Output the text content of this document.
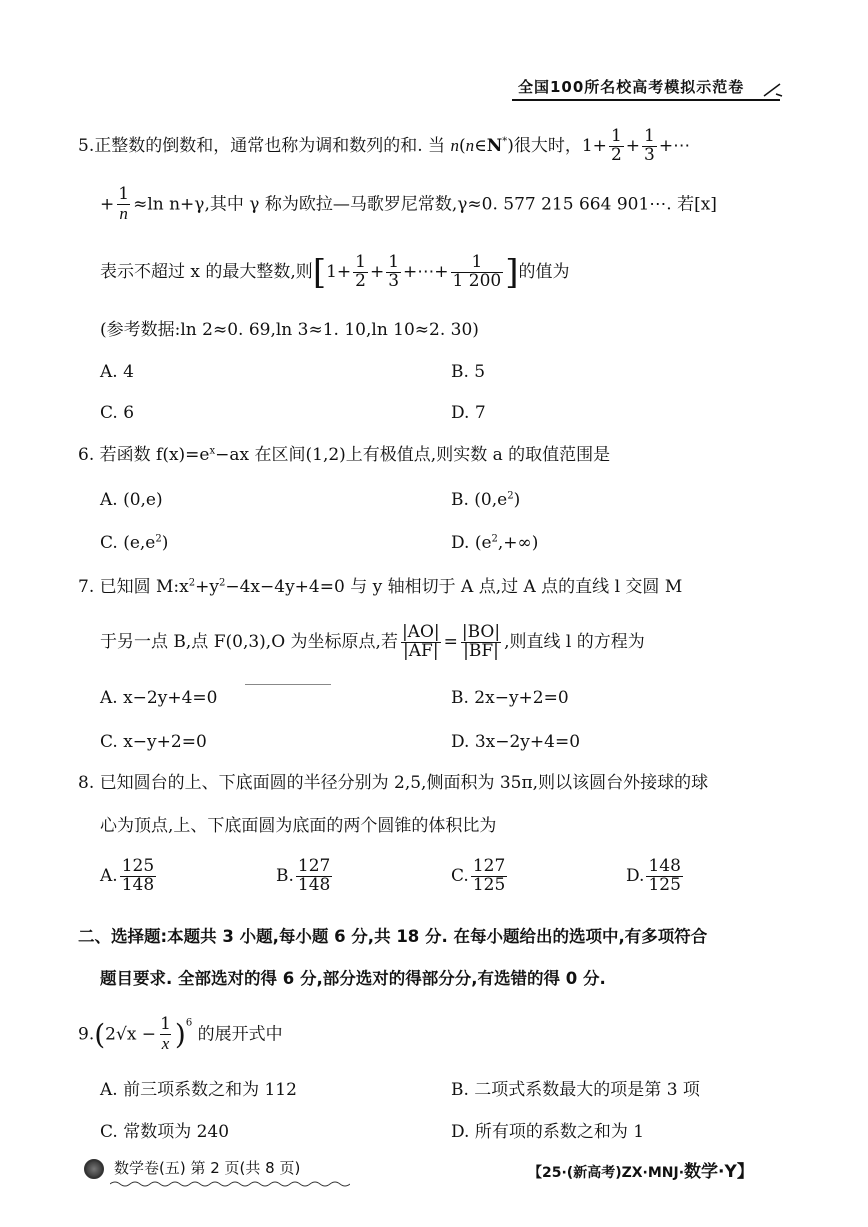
全国100所名校高考模拟示范卷
5.正整数的倒数和，通常也称为调和数列的和. 当 n(n∈N*)很大时，$1+ \frac{1}{2} + \frac{1}{3}$ +⋯
+ $\frac{1}{n} \approx\ln$ n+γ,其中 γ 称为欧拉—马歌罗尼常数,γ≈0. 577 215 664 901⋯. 若[x]
表示不超过 x 的最大整数,则[$1+ \frac{1}{2} + \frac{1}{3}$ +⋯+ $\frac{1}{1 200}$ ]的值为
(参考数据:ln 2≈0. 69,ln 3≈1. 10,ln 10≈2. 30)
A. 4	B. 5
C. 6	D. 7
6. 若函数 $f(x)=e^x-ax$ 在区间(1,2)上有极值点,则实数 a 的取值范围是
A. (0,e)	B. $(0,e^2)$
C. $(e,e^2)$	D. $(e^2,+\infty)$
7. 已知圆 $M:x^2+y^2-4x-4y+4=0$ 与 y 轴相切于 A 点,过 A 点的直线 l 交圆 M
于另一点 B,点 F(0,3),O 为坐标原点,若 $\frac{|AO|}{|AF|} = \frac{|BO|}{|BF|}$ ,则直线 l 的方程为
A. x−2y+4=0	B. 2x−y+2=0
C. x−y+2=0	D. 3x−2y+4=0
8. 已知圆台的上、下底面圆的半径分别为 2,5,侧面积为 35π,则以该圆台外接球的球
心为顶点,上、下底面圆为底面的两个圆锥的体积比为
A. $\frac{125}{148}$	B. $\frac{127}{148}$	C. $\frac{127}{125}$	D. $\frac{148}{125}$
二、选择题:本题共 3 小题,每小题 6 分,共 18 分. 在每小题给出的选项中,有多项符合
题目要求. 全部选对的得 6 分,部分选对的得部分分,有选错的得 0 分.
$9.(2√x - \frac{1}{x} )^6$ 的展开式中
A. 前三项系数之和为 112	B. 二项式系数最大的项是第 3 项
C. 常数项为 240	D. 所有项的系数之和为 1
数学卷(五) 第 2 页(共 8 页)	【25·(新高考)ZX·MNJ·数学·Y】
